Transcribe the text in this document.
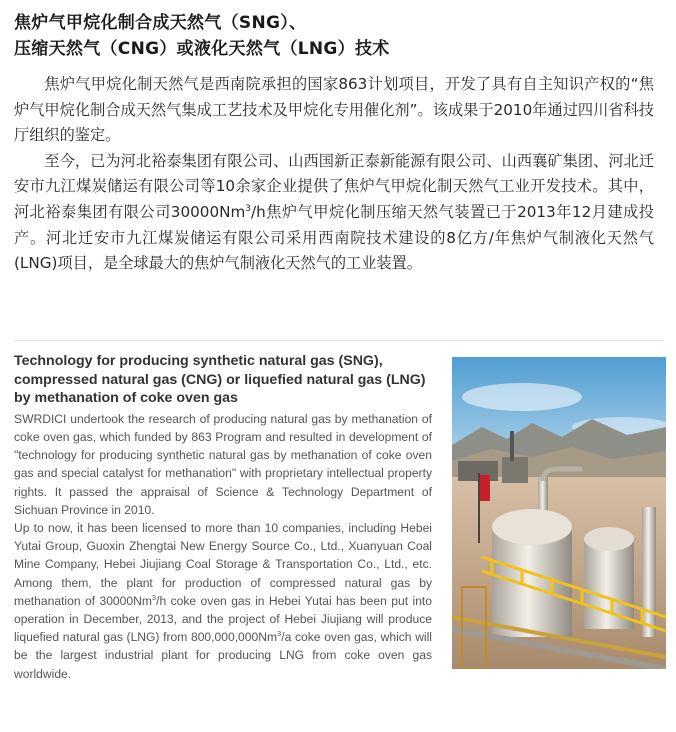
焦炉气甲烷化制合成天然气（SNG）、
压缩天然气（CNG）或液化天然气（LNG）技术

焦炉气甲烷化制天然气是西南院承担的国家863计划项目，开发了具有自主知识产权的“焦炉气甲烷化制合成天然气集成工艺技术及甲烷化专用催化剂”。该成果于2010年通过四川省科技厅组织的鉴定。

至今，已为河北裕泰集团有限公司、山西国新正泰新能源有限公司、山西襄矿集团、河北迁安市九江煤炭储运有限公司等10余家企业提供了焦炉气甲烷化制天然气工业开发技术。其中，河北裕泰集团有限公司30000Nm$^3$/h焦炉气甲烷化制压缩天然气装置已于2013年12月建成投产。河北迁安市九江煤炭储运有限公司采用西南院技术建设的8亿方/年焦炉气制液化天然气(LNG)项目，是全球最大的焦炉气制液化天然气的工业装置。

Technology for producing synthetic natural gas (SNG), compressed natural gas (CNG) or liquefied natural gas (LNG) by methanation of coke oven gas

SWRDICI undertook the research of producing natural gas by methanation of coke oven gas, which funded by 863 Program and resulted in development of "technology for producing synthetic natural gas by methanation of coke oven gas and special catalyst for methanation" with proprietary intellectual property rights. It passed the appraisal of Science & Technology Department of Sichuan Province in 2010.

Up to now, it has been licensed to more than 10 companies, including Hebei Yutai Group, Guoxin Zhengtai New Energy Source Co., Ltd., Xuanyuan Coal Mine Company, Hebei Jiujiang Coal Storage & Transportation Co., Ltd., etc. Among them, the plant for production of compressed natural gas by methanation of 30000Nm$^3$/h coke oven gas in Hebei Yutai has been put into operation in December, 2013, and the project of Hebei Jiujiang will produce liquefied natural gas (LNG) from 800,000,000Nm$^3$/a coke oven gas, which will be the largest industrial plant for producing LNG from coke oven gas worldwide.
